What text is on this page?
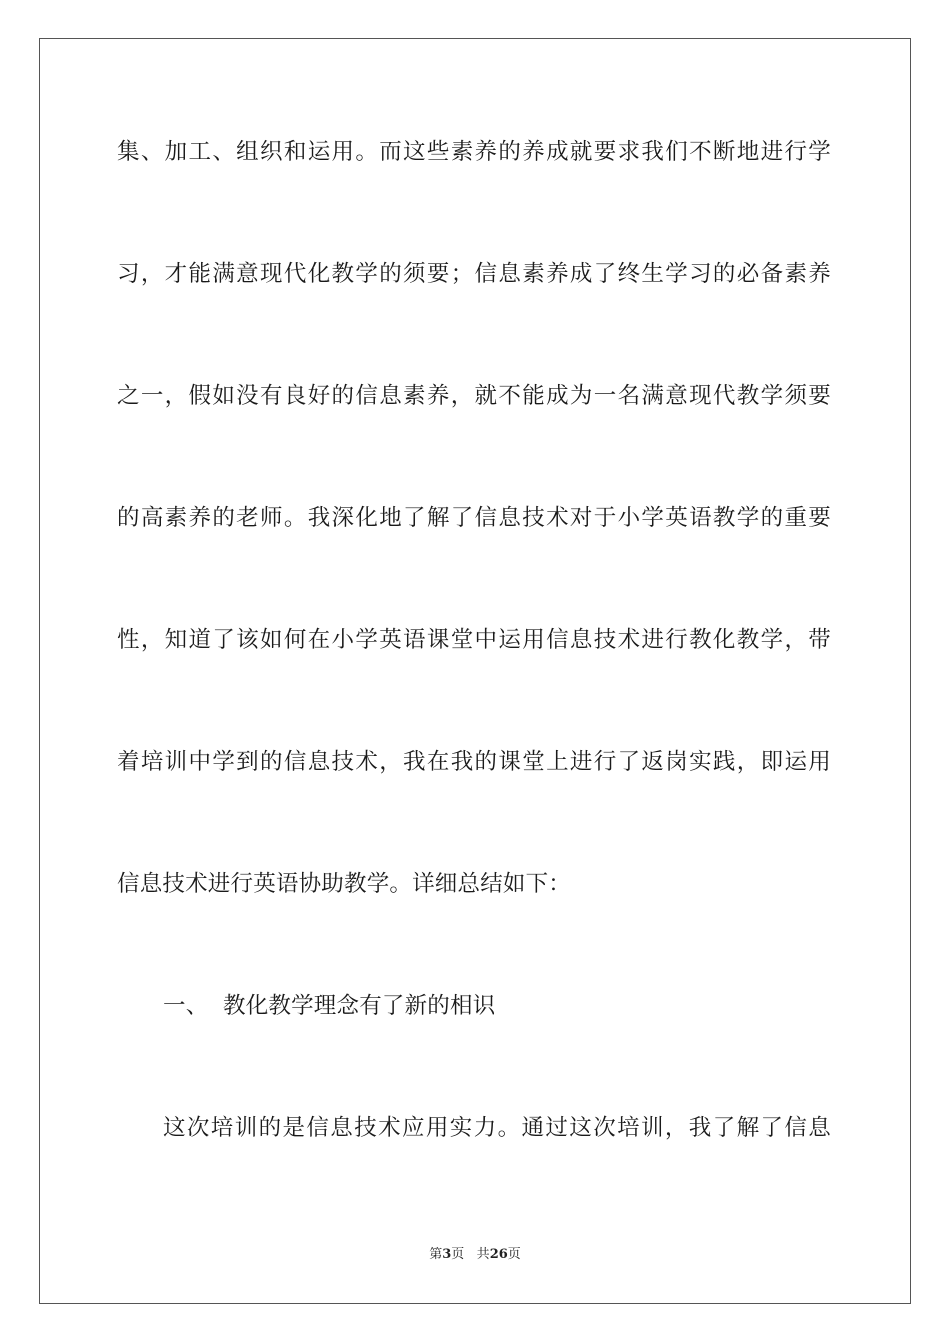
集、加工、组织和运用。而这些素养的养成就要求我们不断地进行学
习，才能满意现代化教学的须要；信息素养成了终生学习的必备素养
之一，假如没有良好的信息素养，就不能成为一名满意现代教学须要
的高素养的老师。我深化地了解了信息技术对于小学英语教学的重要
性，知道了该如何在小学英语课堂中运用信息技术进行教化教学，带
着培训中学到的信息技术，我在我的课堂上进行了返岗实践，即运用
信息技术进行英语协助教学。详细总结如下：
一、 教化教学理念有了新的相识
这次培训的是信息技术应用实力。通过这次培训，我了解了信息
第3页 共26页
